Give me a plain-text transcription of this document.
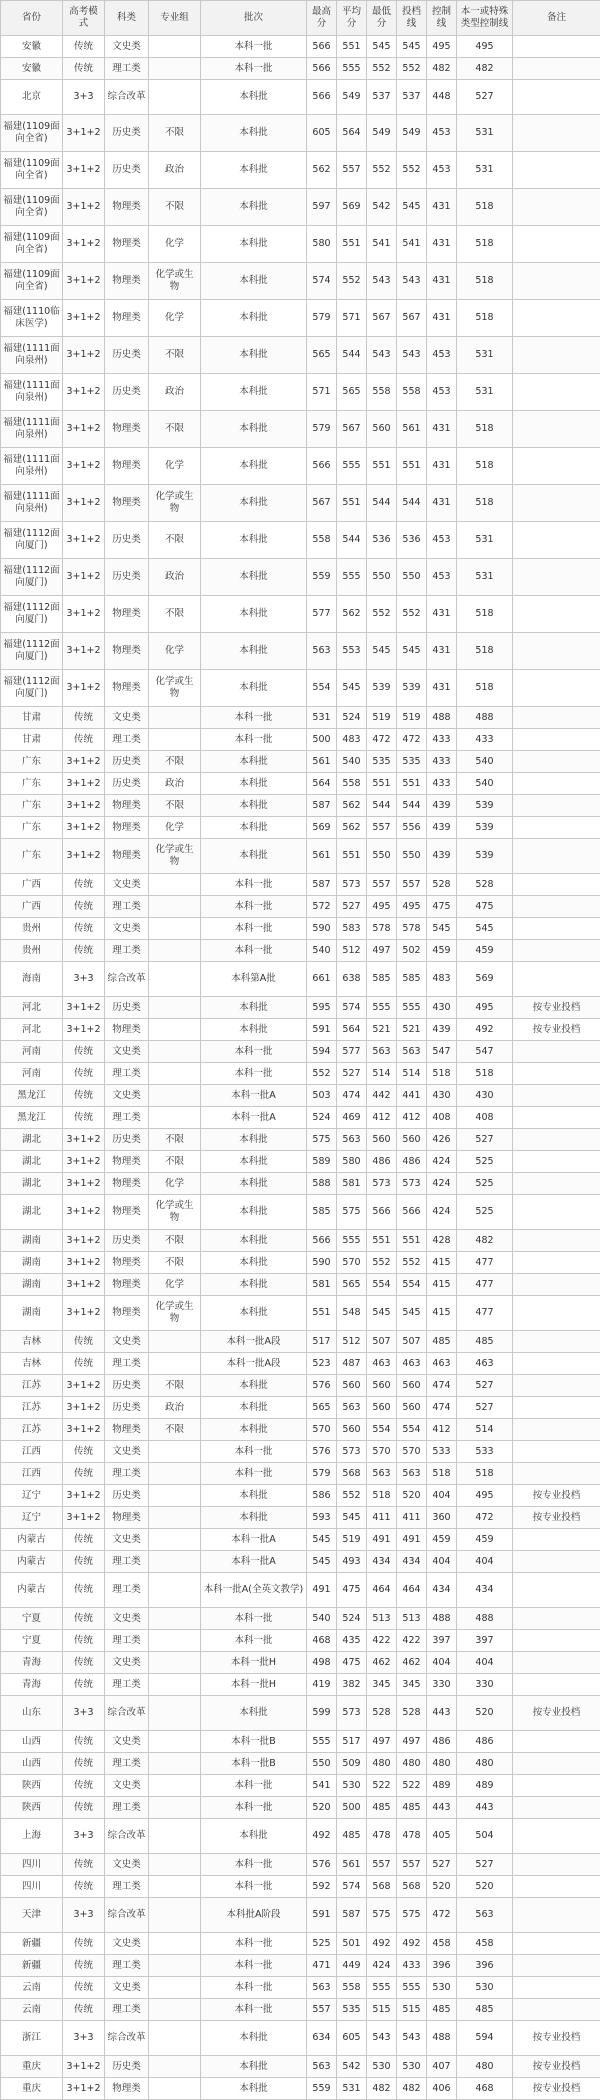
省份	高考模式	科类	专业组	批次	最高分	平均分	最低分	投档线	控制线	本一或特殊类型控制线	备注
安徽	传统	文史类		本科一批	566	551	545	545	495	495	
安徽	传统	理工类		本科一批	566	555	552	552	482	482	
北京	3+3	综合改革		本科批	566	549	537	537	448	527	
福建(1109面向全省)	3+1+2	历史类	不限	本科批	605	564	549	549	453	531	
福建(1109面向全省)	3+1+2	历史类	政治	本科批	562	557	552	552	453	531	
福建(1109面向全省)	3+1+2	物理类	不限	本科批	597	569	542	545	431	518	
福建(1109面向全省)	3+1+2	物理类	化学	本科批	580	551	541	541	431	518	
福建(1109面向全省)	3+1+2	物理类	化学或生物	本科批	574	552	543	543	431	518	
福建(1110临床医学)	3+1+2	物理类	化学	本科批	579	571	567	567	431	518	
福建(1111面向泉州)	3+1+2	历史类	不限	本科批	565	544	543	543	453	531	
福建(1111面向泉州)	3+1+2	历史类	政治	本科批	571	565	558	558	453	531	
福建(1111面向泉州)	3+1+2	物理类	不限	本科批	579	567	560	561	431	518	
福建(1111面向泉州)	3+1+2	物理类	化学	本科批	566	555	551	551	431	518	
福建(1111面向泉州)	3+1+2	物理类	化学或生物	本科批	567	551	544	544	431	518	
福建(1112面向厦门)	3+1+2	历史类	不限	本科批	558	544	536	536	453	531	
福建(1112面向厦门)	3+1+2	历史类	政治	本科批	559	555	550	550	453	531	
福建(1112面向厦门)	3+1+2	物理类	不限	本科批	577	562	552	552	431	518	
福建(1112面向厦门)	3+1+2	物理类	化学	本科批	563	553	545	545	431	518	
福建(1112面向厦门)	3+1+2	物理类	化学或生物	本科批	554	545	539	539	431	518	
甘肃	传统	文史类		本科一批	531	524	519	519	488	488	
甘肃	传统	理工类		本科一批	500	483	472	472	433	433	
广东	3+1+2	历史类	不限	本科批	561	540	535	535	433	540	
广东	3+1+2	历史类	政治	本科批	564	558	551	551	433	540	
广东	3+1+2	物理类	不限	本科批	587	562	544	544	439	539	
广东	3+1+2	物理类	化学	本科批	569	562	557	556	439	539	
广东	3+1+2	物理类	化学或生物	本科批	561	551	550	550	439	539	
广西	传统	文史类		本科一批	587	573	557	557	528	528	
广西	传统	理工类		本科一批	572	527	495	495	475	475	
贵州	传统	文史类		本科一批	590	583	578	578	545	545	
贵州	传统	理工类		本科一批	540	512	497	502	459	459	
海南	3+3	综合改革		本科第A批	661	638	585	585	483	569	
河北	3+1+2	历史类		本科批	595	574	555	555	430	495	按专业投档
河北	3+1+2	物理类		本科批	591	564	521	521	439	492	按专业投档
河南	传统	文史类		本科一批	594	577	563	563	547	547	
河南	传统	理工类		本科一批	552	527	514	514	518	518	
黑龙江	传统	文史类		本科一批A	503	474	442	441	430	430	
黑龙江	传统	理工类		本科一批A	524	469	412	412	408	408	
湖北	3+1+2	历史类	不限	本科批	575	563	560	560	426	527	
湖北	3+1+2	物理类	不限	本科批	589	580	486	486	424	525	
湖北	3+1+2	物理类	化学	本科批	588	581	573	573	424	525	
湖北	3+1+2	物理类	化学或生物	本科批	585	575	566	566	424	525	
湖南	3+1+2	历史类	不限	本科批	566	555	551	551	428	482	
湖南	3+1+2	物理类	不限	本科批	590	570	552	552	415	477	
湖南	3+1+2	物理类	化学	本科批	581	565	554	554	415	477	
湖南	3+1+2	物理类	化学或生物	本科批	551	548	545	545	415	477	
吉林	传统	文史类		本科一批A段	517	512	507	507	485	485	
吉林	传统	理工类		本科一批A段	523	487	463	463	463	463	
江苏	3+1+2	历史类	不限	本科批	576	560	560	560	474	527	
江苏	3+1+2	历史类	政治	本科批	565	563	560	560	474	527	
江苏	3+1+2	物理类	不限	本科批	570	560	554	554	412	514	
江西	传统	文史类		本科一批	576	573	570	570	533	533	
江西	传统	理工类		本科一批	579	568	563	563	518	518	
辽宁	3+1+2	历史类		本科批	586	552	518	520	404	495	按专业投档
辽宁	3+1+2	物理类		本科批	593	545	411	411	360	472	按专业投档
内蒙古	传统	文史类		本科一批A	545	519	491	491	459	459	
内蒙古	传统	理工类		本科一批A	545	493	434	434	404	404	
内蒙古	传统	理工类		本科一批A(全英文教学)	491	475	464	464	434	434	
宁夏	传统	文史类		本科一批	540	524	513	513	488	488	
宁夏	传统	理工类		本科一批	468	435	422	422	397	397	
青海	传统	文史类		本科一批H	498	475	462	462	404	404	
青海	传统	理工类		本科一批H	419	382	345	345	330	330	
山东	3+3	综合改革		本科批	599	573	528	528	443	520	按专业投档
山西	传统	文史类		本科一批B	555	517	497	497	486	486	
山西	传统	理工类		本科一批B	550	509	480	480	480	480	
陕西	传统	文史类		本科一批	541	530	522	522	489	489	
陕西	传统	理工类		本科一批	520	500	485	485	443	443	
上海	3+3	综合改革		本科批	492	485	478	478	405	504	
四川	传统	文史类		本科一批	576	561	557	557	527	527	
四川	传统	理工类		本科一批	592	574	568	568	520	520	
天津	3+3	综合改革		本科批A阶段	591	587	575	575	472	563	
新疆	传统	文史类		本科一批	525	501	492	492	458	458	
新疆	传统	理工类		本科一批	471	449	424	433	396	396	
云南	传统	文史类		本科一批	563	558	555	555	530	530	
云南	传统	理工类		本科一批	557	535	515	515	485	485	
浙江	3+3	综合改革		本科批	634	605	543	543	488	594	按专业投档
重庆	3+1+2	历史类		本科批	563	542	530	530	407	480	按专业投档
重庆	3+1+2	物理类		本科批	559	531	482	482	406	468	按专业投档
